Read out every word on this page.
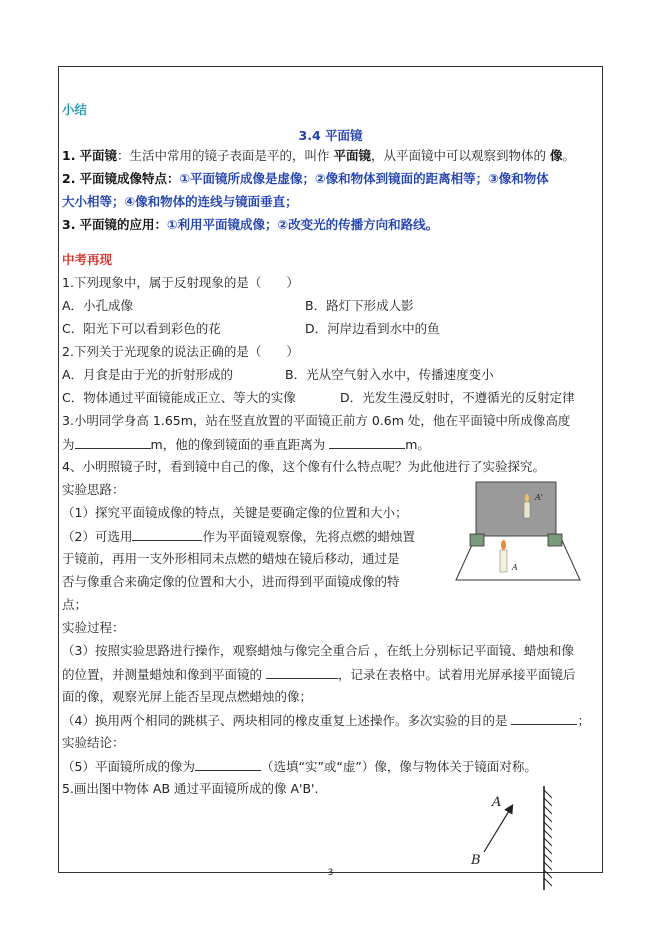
小结
3.4 平面镜
1. 平面镜：生活中常用的镜子表面是平的，叫作 平面镜，从平面镜中可以观察到物体的 像。
2. 平面镜成像特点：①平面镜所成像是虚像；②像和物体到镜面的距离相等；③像和物体
大小相等；④像和物体的连线与镜面垂直；
3. 平面镜的应用：①利用平面镜成像；②改变光的传播方向和路线。
中考再现
1.下列现象中，属于反射现象的是（　　）
A．小孔成像	B．路灯下形成人影
C．阳光下可以看到彩色的花	D．河岸边看到水中的鱼
2.下列关于光现象的说法正确的是（　　）
A．月食是由于光的折射形成的	B．光从空气射入水中，传播速度变小
C．物体通过平面镜能成正立、等大的实像	D．光发生漫反射时，不遵循光的反射定律
3.小明同学身高 1.65m，站在竖直放置的平面镜正前方 0.6m 处，他在平面镜中所成像高度
为	m，他的像到镜面的垂直距离为	m。
4、小明照镜子时，看到镜中自己的像，这个像有什么特点呢？为此他进行了实验探究。
实验思路：
（1）探究平面镜成像的特点，关键是要确定像的位置和大小；
（2）可选用	作为平面镜观察像，先将点燃的蜡烛置
于镜前，再用一支外形相同未点燃的蜡烛在镜后移动，通过是
否与像重合来确定像的位置和大小，进而得到平面镜成像的特
点；
A'
A
实验过程：
（3）按照实验思路进行操作，观察蜡烛与像完全重合后 ，在纸上分别标记平面镜、蜡烛和像
的位置，并测量蜡烛和像到平面镜的	，记录在表格中。试着用光屏承接平面镜后
面的像，观察光屏上能否呈现点燃蜡烛的像；
（4）换用两个相同的跳棋子、两块相同的橡皮重复上述操作。多次实验的目的是	；
实验结论：
（5）平面镜所成的像为	（选填“实”或“虚”）像，像与物体关于镜面对称。
5.画出图中物体 AB 通过平面镜所成的像 A'B'.
A
B
3
